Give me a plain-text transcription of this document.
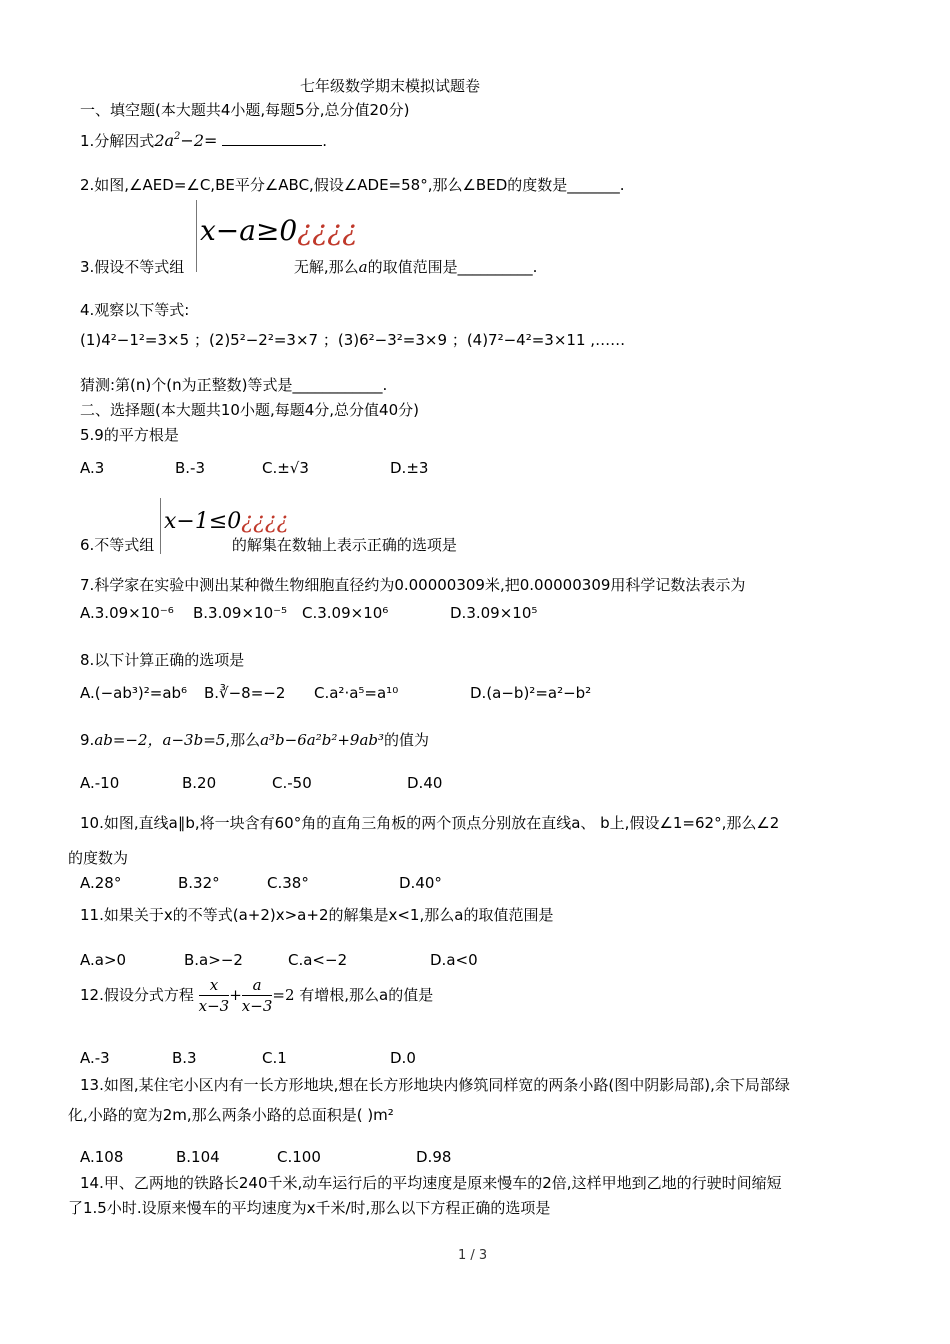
七年级数学期末模拟试题卷
一、填空题(本大题共4小题,每题5分,总分值20分)
1.分解因式$2a^2-2=$	.
2.如图,∠AED=∠C,BE平分∠ABC,假设∠ADE=58°,那么∠BED的度数是_______.
x−a≥0¿¿¿¿
3.假设不等式组	无解,那么a的取值范围是__________.
4.观察以下等式:
(1)4²−1²=3×5 ；(2)5²−2²=3×7 ；(3)6²−3²=3×9 ；(4)7²−4²=3×11 ,……
猜测:第(n)个(n为正整数)等式是____________.
二、选择题(本大题共10小题,每题4分,总分值40分)
5.9的平方根是
A.3	B.-3	C.±√3	D.±3
x−1≤0¿¿¿¿
6.不等式组	的解集在数轴上表示正确的选项是
7.科学家在实验中测出某种微生物细胞直径约为0.00000309米,把0.00000309用科学记数法表示为
A.3.09×10⁻⁶ B.3.09×10⁻⁵ C.3.09×10⁶	D.3.09×10⁵
8.以下计算正确的选项是
A.(−ab³)²=ab⁶ B.∛−8=−2 C.a²·a⁵=a¹⁰	D.(a−b)²=a²−b²
9.ab=−2，a−3b=5,那么a³b−6a²b²+9ab³的值为
A.-10	B.20	C.-50	D.40
10.如图,直线a∥b,将一块含有60°角的直角三角板的两个顶点分别放在直线a、 b上,假设∠1=62°,那么∠2
的度数为
A.28°	B.32°	C.38°	D.40°
11.如果关于x的不等式(a+2)x>a+2的解集是x<1,那么a的取值范围是
A.a>0	B.a>−2	C.a<−2	D.a<0
12.假设分式方程 $\frac{x}{x-3} + \frac{a}{x-3} =2$ 有增根,那么a的值是
A.-3	B.3	C.1	D.0
13.如图,某住宅小区内有一长方形地块,想在长方形地块内修筑同样宽的两条小路(图中阴影局部),余下局部绿
化,小路的宽为2m,那么两条小路的总面积是( )m²
A.108	B.104	C.100	D.98
14.甲、乙两地的铁路长240千米,动车运行后的平均速度是原来慢车的2倍,这样甲地到乙地的行驶时间缩短
了1.5小时.设原来慢车的平均速度为x千米/时,那么以下方程正确的选项是
1 / 3
